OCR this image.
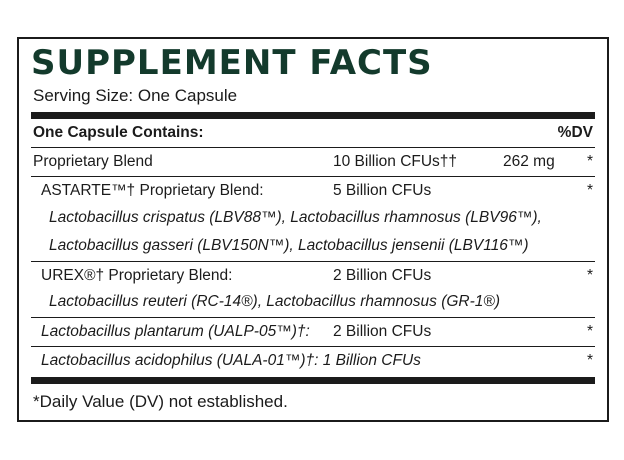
SUPPLEMENT FACTS
Serving Size: One Capsule
One Capsule Contains:	%DV
Proprietary Blend	10 Billion CFUs††	262 mg *
ASTARTE™† Proprietary Blend:	5 Billion CFUs	*
Lactobacillus crispatus (LBV88™), Lactobacillus rhamnosus (LBV96™),
Lactobacillus gasseri (LBV150N™), Lactobacillus jensenii (LBV116™)
UREX®† Proprietary Blend:	2 Billion CFUs	*
Lactobacillus reuteri (RC-14®), Lactobacillus rhamnosus (GR-1®)
Lactobacillus plantarum (UALP-05™)†: 2 Billion CFUs	*
Lactobacillus acidophilus (UALA-01™)†: 1 Billion CFUs	*
*Daily Value (DV) not established.
